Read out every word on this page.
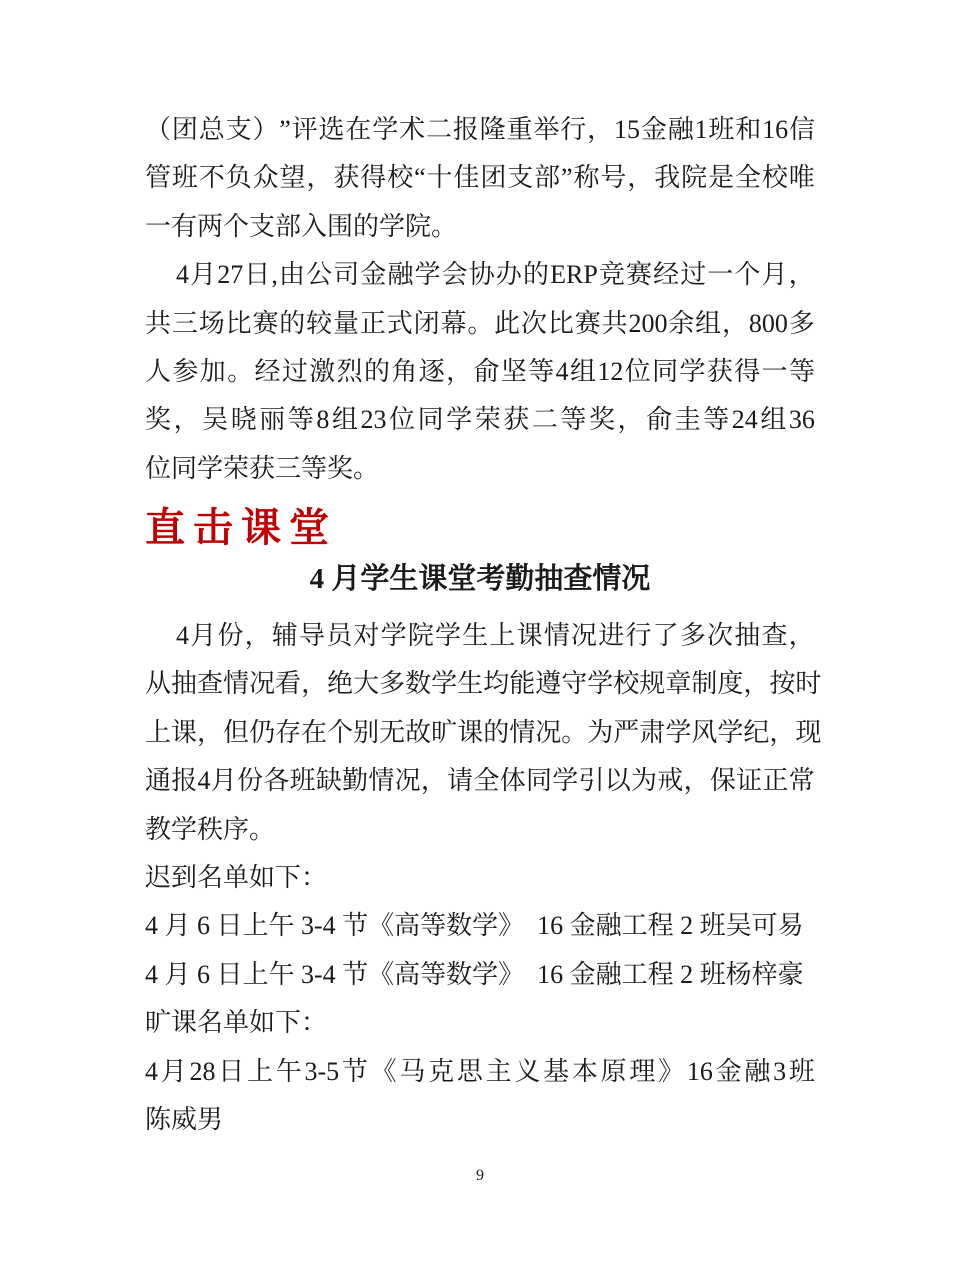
（ 团 总 支 ） ” 评 选 在 学 术 二 报 隆 重 举 行 ， 15 金 融 1 班 和 16 信
管 班 不 负 众 望 ， 获 得 校 “ 十 佳 团 支 部 ” 称 号 ， 我 院 是 全 校 唯
一有两个支部入围的学院。
4 月 27 日 , 由 公 司 金 融 学 会 协 办 的 ERP 竞 赛 经 过 一 个 月 ，
共 三 场 比 赛 的 较 量 正 式 闭 幕 。 此 次 比 赛 共 200 余 组 ， 800 多
人 参 加 。 经 过 激 烈 的 角 逐 ， 俞 坚 等 4 组 12 位 同 学 获 得 一 等
奖 ， 吴 晓 丽 等 8 组 23 位 同 学 荣 获 二 等 奖 ， 俞 圭 等 24 组 36
位同学荣获三等奖。
直击课堂
4 月学生课堂考勤抽查情况
4 月 份 ， 辅 导 员 对 学 院 学 生 上 课 情 况 进 行 了 多 次 抽 查 ，
从 抽 查 情 况 看 ， 绝 大 多 数 学 生 均 能 遵 守 学 校 规 章 制 度 ， 按 时
上 课 ， 但 仍 存 在 个 别 无 故 旷 课 的 情 况 。 为 严 肃 学 风 学 纪 ， 现
通 报 4 月 份 各 班 缺 勤 情 况 ， 请 全 体 同 学 引 以 为 戒 ， 保 证 正 常
教学秩序。
迟到名单如下：
4 月 6 日上午 3-4 节《高等数学》  16 金融工程 2 班吴可易
4 月 6 日上午 3-4 节《高等数学》  16 金融工程 2 班杨梓豪
旷课名单如下：
4 月 28 日 上 午 3-5 节 《 马 克 思 主 义 基 本 原 理 》 16 金 融 3 班
陈威男
9
